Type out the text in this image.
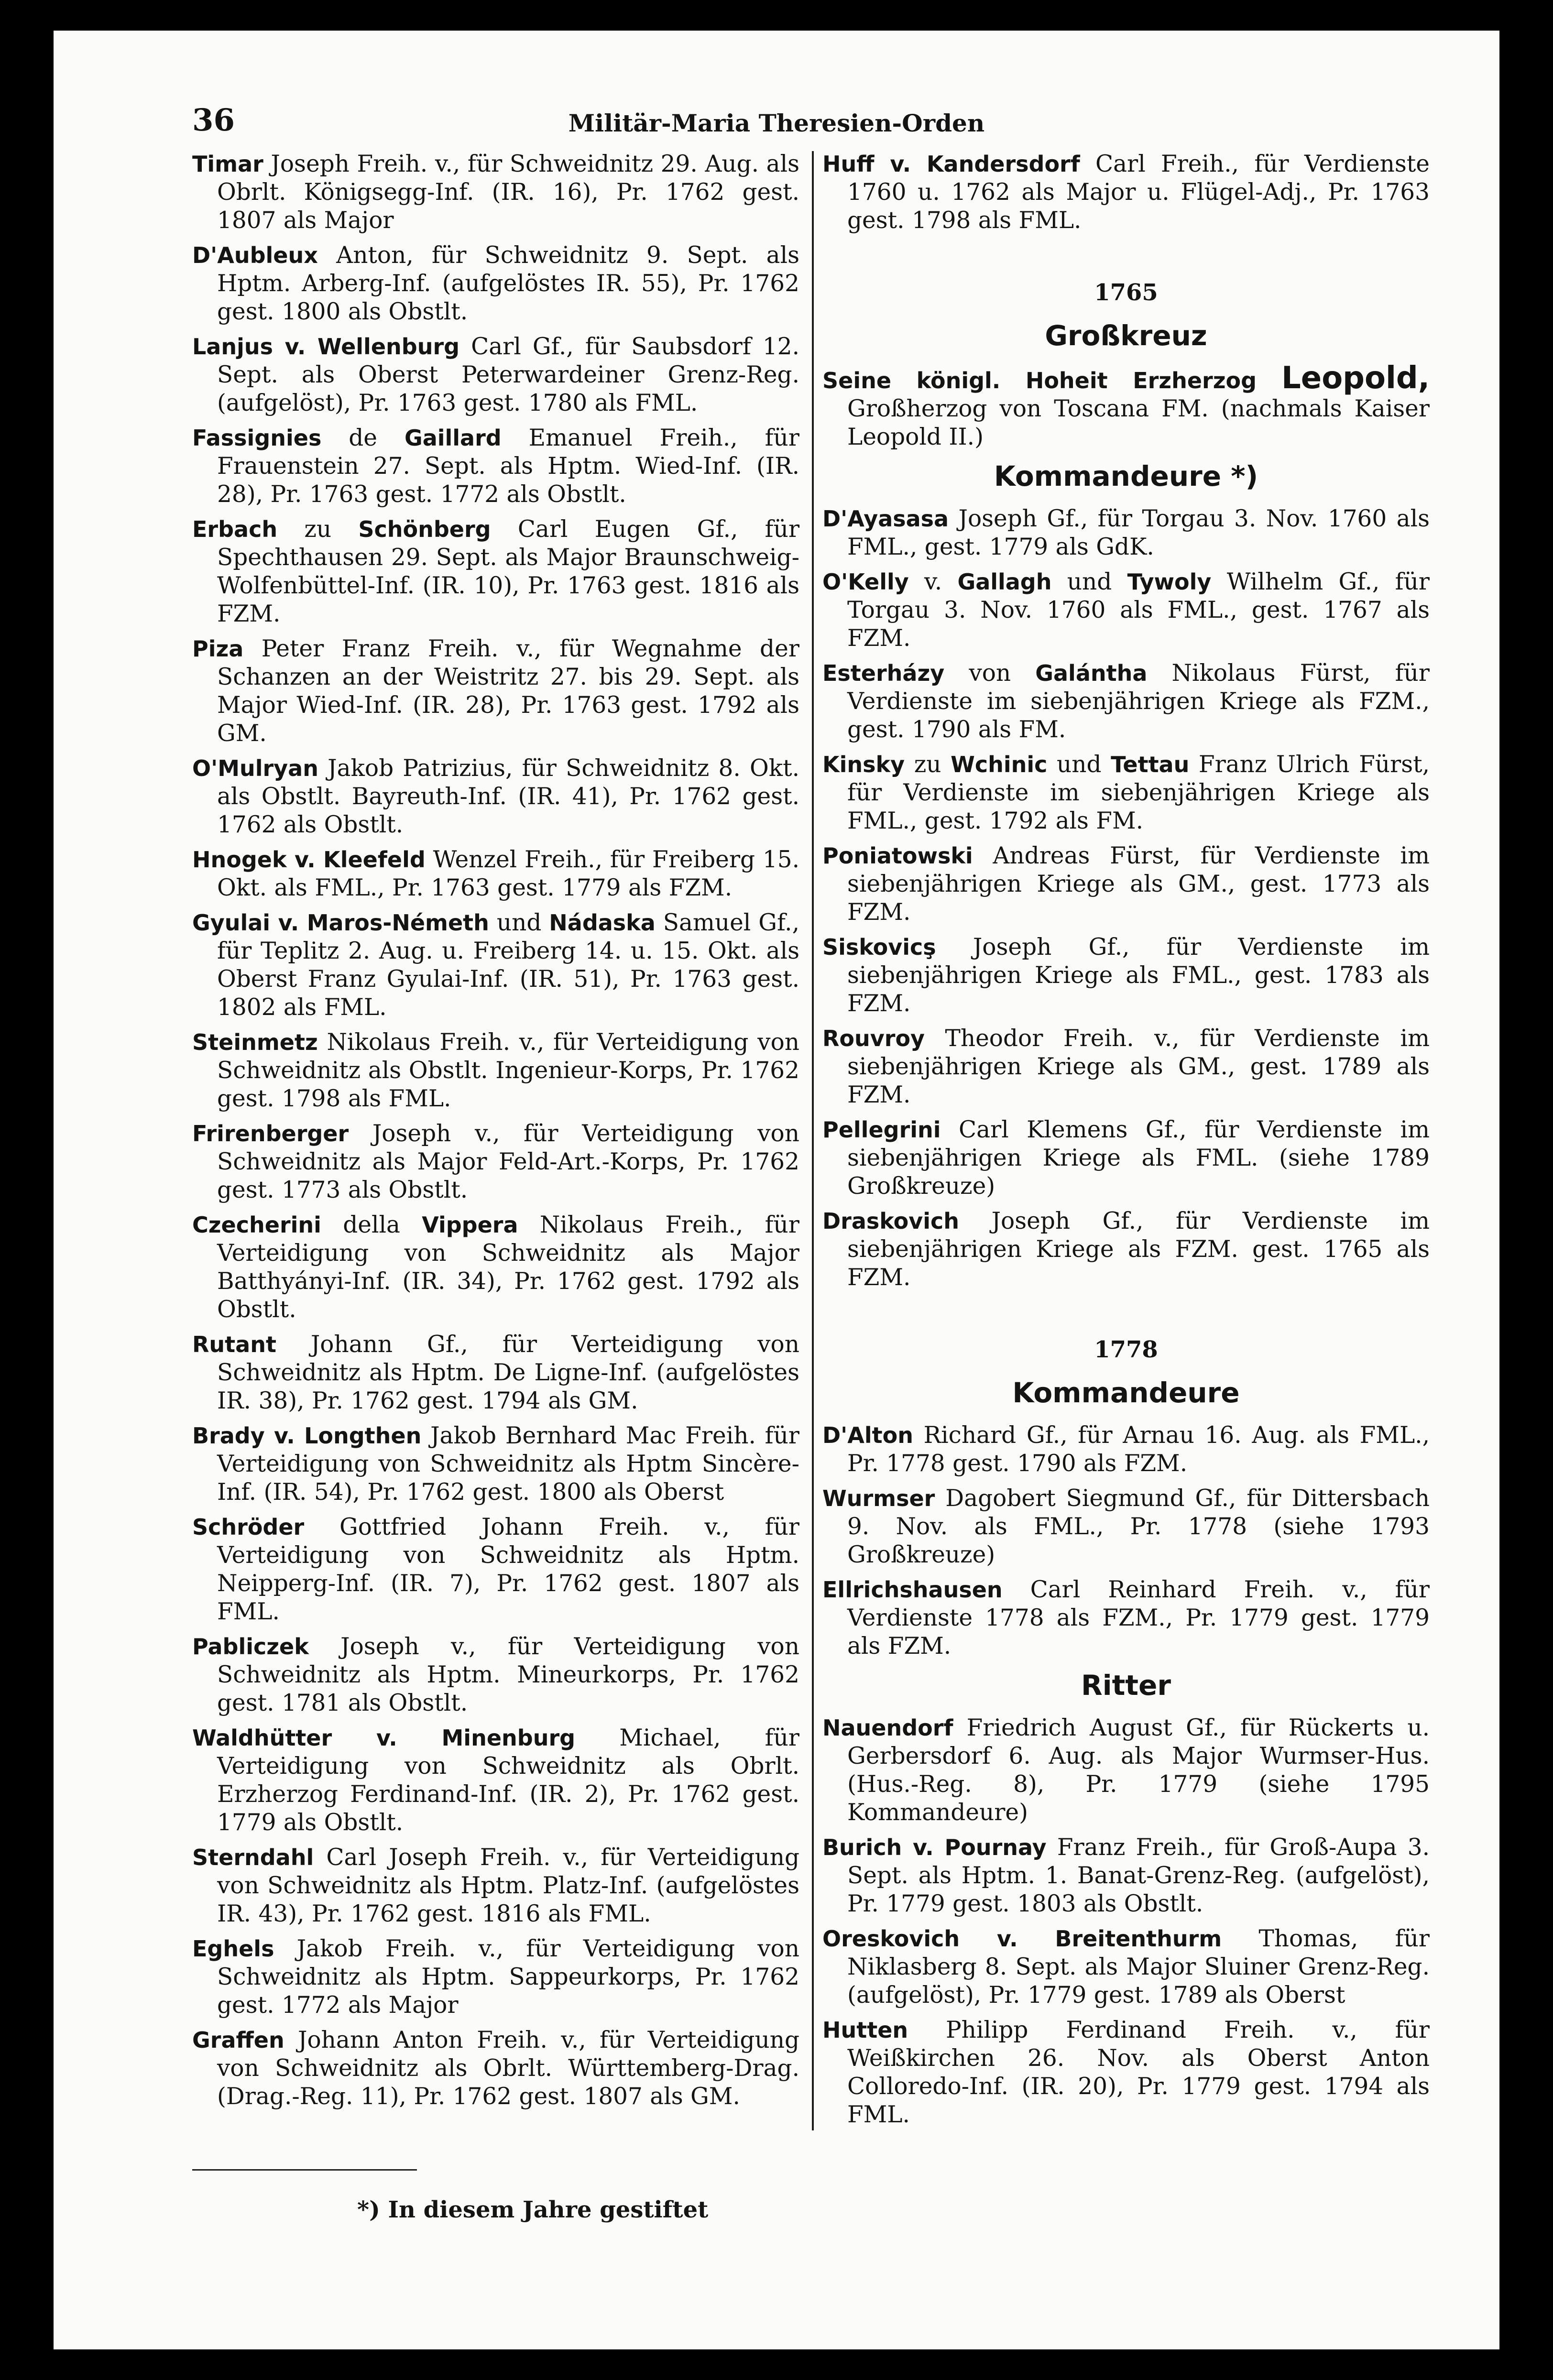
36	Militär-Maria Theresien-Orden

Timar Joseph Freih. v., für Schweidnitz 29. Aug. als Obrlt. Königsegg-Inf. (IR. 16), Pr. 1762 gest. 1807 als Major

D'Aubleux Anton, für Schweidnitz 9. Sept. als Hptm. Arberg-Inf. (aufgelöstes IR. 55), Pr. 1762 gest. 1800 als Obstlt.

Lanjus v. Wellenburg Carl Gf., für Saubsdorf 12. Sept. als Oberst Peterwardeiner Grenz-Reg. (aufgelöst), Pr. 1763 gest. 1780 als FML.

Fassignies de Gaillard Emanuel Freih., für Frauenstein 27. Sept. als Hptm. Wied-Inf. (IR. 28), Pr. 1763 gest. 1772 als Obstlt.

Erbach zu Schönberg Carl Eugen Gf., für Spechthausen 29. Sept. als Major Braunschweig-Wolfenbüttel-Inf. (IR. 10), Pr. 1763 gest. 1816 als FZM.

Piza Peter Franz Freih. v., für Wegnahme der Schanzen an der Weistritz 27. bis 29. Sept. als Major Wied-Inf. (IR. 28), Pr. 1763 gest. 1792 als GM.

O'Mulryan Jakob Patrizius, für Schweidnitz 8. Okt. als Obstlt. Bayreuth-Inf. (IR. 41), Pr. 1762 gest. 1762 als Obstlt.

Hnogek v. Kleefeld Wenzel Freih., für Freiberg 15. Okt. als FML., Pr. 1763 gest. 1779 als FZM.

Gyulai v. Maros-Németh und Nádaska Samuel Gf., für Teplitz 2. Aug. u. Freiberg 14. u. 15. Okt. als Oberst Franz Gyulai-Inf. (IR. 51), Pr. 1763 gest. 1802 als FML.

Steinmetz Nikolaus Freih. v., für Verteidigung von Schweidnitz als Obstlt. Ingenieur-Korps, Pr. 1762 gest. 1798 als FML.

Frirenberger Joseph v., für Verteidigung von Schweidnitz als Major Feld-Art.-Korps, Pr. 1762 gest. 1773 als Obstlt.

Czecherini della Vippera Nikolaus Freih., für Verteidigung von Schweidnitz als Major Batthyányi-Inf. (IR. 34), Pr. 1762 gest. 1792 als Obstlt.

Rutant Johann Gf., für Verteidigung von Schweidnitz als Hptm. De Ligne-Inf. (aufgelöstes IR. 38), Pr. 1762 gest. 1794 als GM.

Brady v. Longthen Jakob Bernhard Mac Freih. für Verteidigung von Schweidnitz als Hptm Sincère-Inf. (IR. 54), Pr. 1762 gest. 1800 als Oberst

Schröder Gottfried Johann Freih. v., für Verteidigung von Schweidnitz als Hptm. Neipperg-Inf. (IR. 7), Pr. 1762 gest. 1807 als FML.

Pabliczek Joseph v., für Verteidigung von Schweidnitz als Hptm. Mineurkorps, Pr. 1762 gest. 1781 als Obstlt.

Waldhütter v. Minenburg Michael, für Verteidigung von Schweidnitz als Obrlt. Erzherzog Ferdinand-Inf. (IR. 2), Pr. 1762 gest. 1779 als Obstlt.

Sterndahl Carl Joseph Freih. v., für Verteidigung von Schweidnitz als Hptm. Platz-Inf. (aufgelöstes IR. 43), Pr. 1762 gest. 1816 als FML.

Eghels Jakob Freih. v., für Verteidigung von Schweidnitz als Hptm. Sappeurkorps, Pr. 1762 gest. 1772 als Major

Graffen Johann Anton Freih. v., für Verteidigung von Schweidnitz als Obrlt. Württemberg-Drag. (Drag.-Reg. 11), Pr. 1762 gest. 1807 als GM.

Huff v. Kandersdorf Carl Freih., für Verdienste 1760 u. 1762 als Major u. Flügel-Adj., Pr. 1763 gest. 1798 als FML.

1765
Großkreuz

Seine königl. Hoheit Erzherzog Leopold, Großherzog von Toscana FM. (nachmals Kaiser Leopold II.)

Kommandeure *)

D'Ayasasa Joseph Gf., für Torgau 3. Nov. 1760 als FML., gest. 1779 als GdK.

O'Kelly v. Gallagh und Tywoly Wilhelm Gf., für Torgau 3. Nov. 1760 als FML., gest. 1767 als FZM.

Esterházy von Galántha Nikolaus Fürst, für Verdienste im siebenjährigen Kriege als FZM., gest. 1790 als FM.

Kinsky zu Wchinic und Tettau Franz Ulrich Fürst, für Verdienste im siebenjährigen Kriege als FML., gest. 1792 als FM.

Poniatowski Andreas Fürst, für Verdienste im siebenjährigen Kriege als GM., gest. 1773 als FZM.

Siskovicş Joseph Gf., für Verdienste im siebenjährigen Kriege als FML., gest. 1783 als FZM.

Rouvroy Theodor Freih. v., für Verdienste im siebenjährigen Kriege als GM., gest. 1789 als FZM.

Pellegrini Carl Klemens Gf., für Verdienste im siebenjährigen Kriege als FML. (siehe 1789 Großkreuze)

Draskovich Joseph Gf., für Verdienste im siebenjährigen Kriege als FZM. gest. 1765 als FZM.

1778
Kommandeure

D'Alton Richard Gf., für Arnau 16. Aug. als FML., Pr. 1778 gest. 1790 als FZM.

Wurmser Dagobert Siegmund Gf., für Dittersbach 9. Nov. als FML., Pr. 1778 (siehe 1793 Großkreuze)

Ellrichshausen Carl Reinhard Freih. v., für Verdienste 1778 als FZM., Pr. 1779 gest. 1779 als FZM.

Ritter

Nauendorf Friedrich August Gf., für Rückerts u. Gerbersdorf 6. Aug. als Major Wurmser-Hus. (Hus.-Reg. 8), Pr. 1779 (siehe 1795 Kommandeure)

Burich v. Pournay Franz Freih., für Groß-Aupa 3. Sept. als Hptm. 1. Banat-Grenz-Reg. (aufgelöst), Pr. 1779 gest. 1803 als Obstlt.

Oreskovich v. Breitenthurm Thomas, für Niklasberg 8. Sept. als Major Sluiner Grenz-Reg. (aufgelöst), Pr. 1779 gest. 1789 als Oberst

Hutten Philipp Ferdinand Freih. v., für Weißkirchen 26. Nov. als Oberst Anton Colloredo-Inf. (IR. 20), Pr. 1779 gest. 1794 als FML.

*) In diesem Jahre gestiftet
